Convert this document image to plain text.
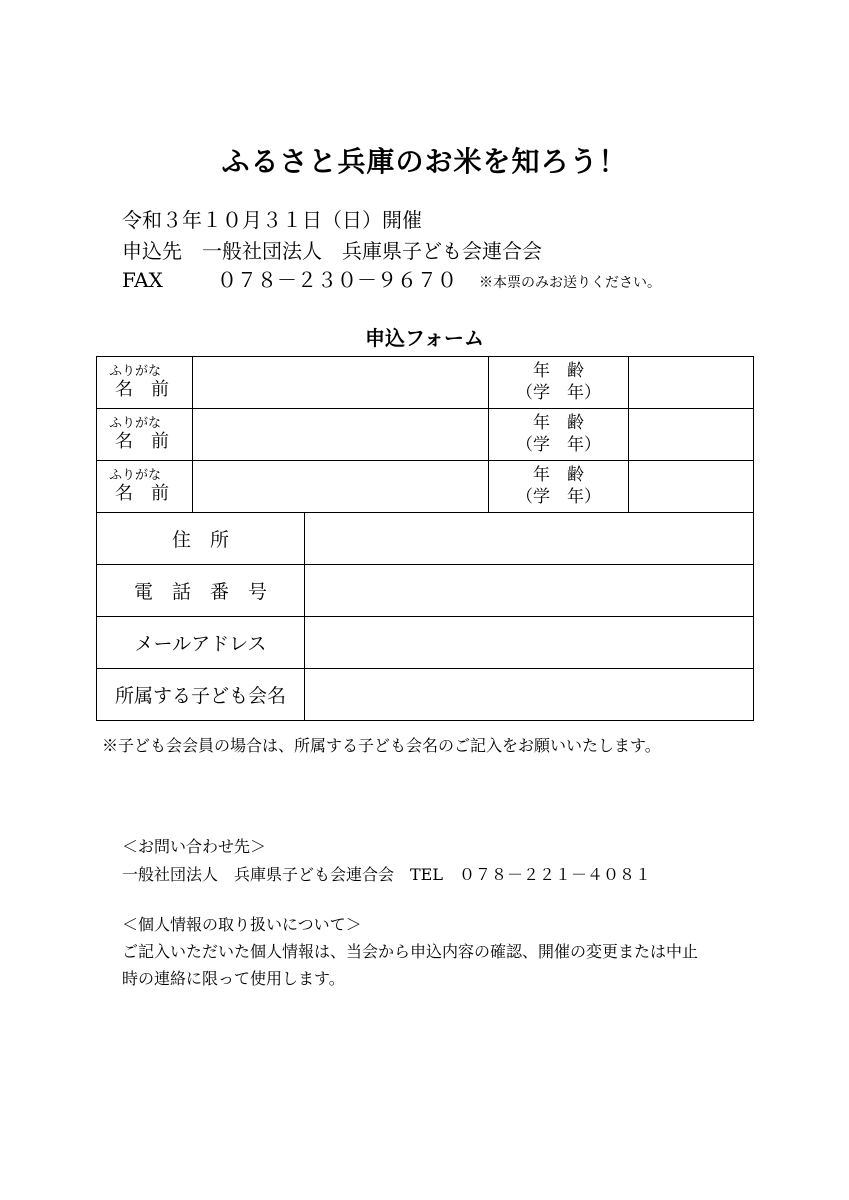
ふるさと兵庫のお米を知ろう！
令和３年１０月３１日（日）開催
申込先　一般社団法人　兵庫県子ども会連合会
FAX	０７８－２３０－９６７０ ※本票のみお送りください。
申込フォーム
ふりがな
名前			年　齢
（学　年）	

ふりがな
名前			年　齢
（学　年）	

ふりがな
名前			年　齢
（学　年）	

住　所				
電　話　番　号				
メールアドレス				
所属する子ども会名				
※子ども会会員の場合は、所属する子ども会名のご記入をお願いいたします。
＜お問い合わせ先＞
一般社団法人　兵庫県子ども会連合会　TEL　０７８－２２１－４０８１
＜個人情報の取り扱いについて＞
ご記入いただいた個人情報は、当会から申込内容の確認、開催の変更または中止
時の連絡に限って使用します。
